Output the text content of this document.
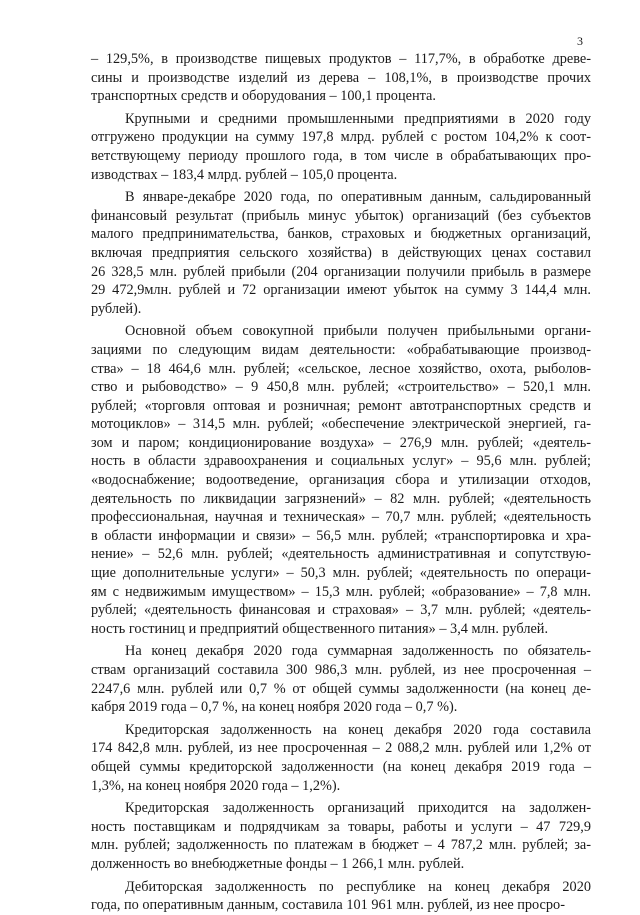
3
– 129,5%, в производстве пищевых продуктов – 117,7%, в обработке древе-
сины и производстве изделий из дерева – 108,1%, в производстве прочих
транспортных средств и оборудования – 100,1 процента.
Крупными и средними промышленными предприятиями в 2020 году
отгружено продукции на сумму 197,8 млрд. рублей с ростом 104,2% к соот-
ветствующему периоду прошлого года, в том числе в обрабатывающих про-
изводствах – 183,4 млрд. рублей – 105,0 процента.
В январе-декабре 2020 года, по оперативным данным, сальдированный
финансовый результат (прибыль минус убыток) организаций (без субъектов
малого предпринимательства, банков, страховых и бюджетных организаций,
включая предприятия сельского хозяйства) в действующих ценах составил
26 328,5 млн. рублей прибыли (204 организации получили прибыль в размере
29 472,9млн. рублей и 72 организации имеют убыток на сумму 3 144,4 млн.
рублей).
Основной объем совокупной прибыли получен прибыльными органи-
зациями по следующим видам деятельности: «обрабатывающие производ-
ства» – 18 464,6 млн. рублей; «сельское, лесное хозяйство, охота, рыболов-
ство и рыбоводство» – 9 450,8 млн. рублей; «строительство» – 520,1 млн.
рублей; «торговля оптовая и розничная; ремонт автотранспортных средств и
мотоциклов» – 314,5 млн. рублей; «обеспечение электрической энергией, га-
зом и паром; кондиционирование воздуха» – 276,9 млн. рублей; «деятель-
ность в области здравоохранения и социальных услуг» – 95,6 млн. рублей;
«водоснабжение; водоотведение, организация сбора и утилизации отходов,
деятельность по ликвидации загрязнений» – 82 млн. рублей; «деятельность
профессиональная, научная и техническая» – 70,7 млн. рублей; «деятельность
в области информации и связи» – 56,5 млн. рублей; «транспортировка и хра-
нение» – 52,6 млн. рублей; «деятельность административная и сопутствую-
щие дополнительные услуги» – 50,3 млн. рублей; «деятельность по операци-
ям с недвижимым имуществом» – 15,3 млн. рублей; «образование» – 7,8 млн.
рублей; «деятельность финансовая и страховая» – 3,7 млн. рублей; «деятель-
ность гостиниц и предприятий общественного питания» – 3,4 млн. рублей.
На конец декабря 2020 года суммарная задолженность по обязатель-
ствам организаций составила 300 986,3 млн. рублей, из нее просроченная –
2247,6 млн. рублей или 0,7 % от общей суммы задолженности (на конец де-
кабря 2019 года – 0,7 %, на конец ноября 2020 года – 0,7 %).
Кредиторская задолженность на конец декабря 2020 года составила
174 842,8 млн. рублей, из нее просроченная – 2 088,2 млн. рублей или 1,2% от
общей суммы кредиторской задолженности (на конец декабря 2019 года –
1,3%, на конец ноября 2020 года – 1,2%).
Кредиторская задолженность организаций приходится на задолжен-
ность поставщикам и подрядчикам за товары, работы и услуги – 47 729,9
млн. рублей; задолженность по платежам в бюджет – 4 787,2 млн. рублей; за-
долженность во внебюджетные фонды – 1 266,1 млн. рублей.
Дебиторская задолженность по республике на конец декабря 2020
года, по оперативным данным, составила 101 961 млн. рублей, из нее просро-
